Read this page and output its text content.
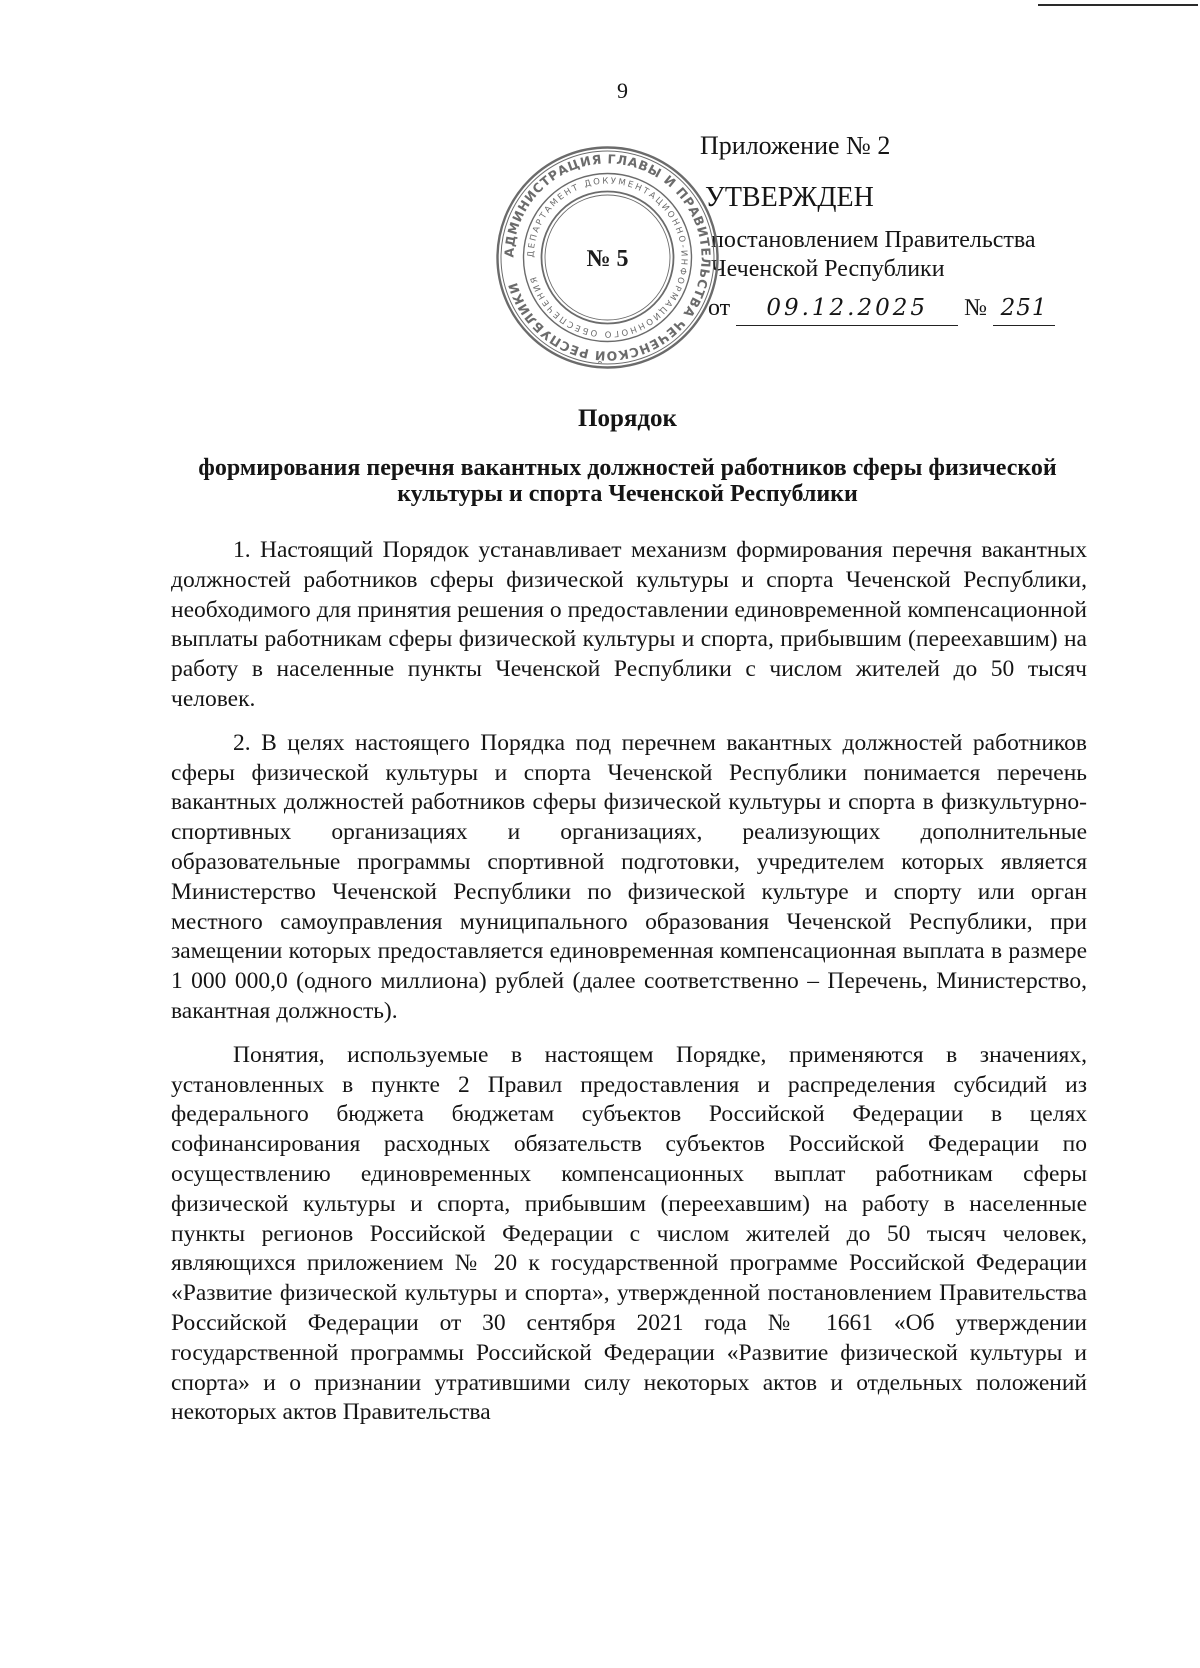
9
Приложение № 2
УТВЕРЖДЕН
постановлением Правительства
Чеченской Республики
от 09.12.2025 № 251
АДМИНИСТРАЦИЯ ГЛАВЫ И ПРАВИТЕЛЬСТВА ЧЕЧЕНСКОЙ РЕСПУБЛИКИ
ДЕПАРТАМЕНТ ДОКУМЕНТАЦИОННО-ИНФОРМАЦИОННОГО ОБЕСПЕЧЕНИЯ
№ 5
Порядок
формирования перечня вакантных должностей работников сферы физической культуры и спорта Чеченской Республики

1. Настоящий Порядок устанавливает механизм формирования перечня вакантных должностей работников сферы физической культуры и спорта Чеченской Республики, необходимого для принятия решения о предоставлении единовременной компенсационной выплаты работникам сферы физической культуры и спорта, прибывшим (переехавшим) на работу в населенные пункты Чеченской Республики с числом жителей до 50 тысяч человек.

2. В целях настоящего Порядка под перечнем вакантных должностей работников сферы физической культуры и спорта Чеченской Республики понимается перечень вакантных должностей работников сферы физической культуры и спорта в физкультурно-спортивных организациях и организациях, реализующих дополнительные образовательные программы спортивной подготовки, учредителем которых является Министерство Чеченской Республики по физической культуре и спорту или орган местного самоуправления муниципального образования Чеченской Республики, при замещении которых предоставляется единовременная компенсационная выплата в размере 1 000 000,0 (одного миллиона) рублей (далее соответственно – Перечень, Министерство, вакантная должность).

Понятия, используемые в настоящем Порядке, применяются в значениях, установленных в пункте 2 Правил предоставления и распределения субсидий из федерального бюджета бюджетам субъектов Российской Федерации в целях софинансирования расходных обязательств субъектов Российской Федерации по осуществлению единовременных компенсационных выплат работникам сферы физической культуры и спорта, прибывшим (переехавшим) на работу в населенные пункты регионов Российской Федерации с числом жителей до 50 тысяч человек, являющихся приложением № 20 к государственной программе Российской Федерации «Развитие физической культуры и спорта», утвержденной постановлением Правительства Российской Федерации от 30 сентября 2021 года № 1661 «Об утверждении государственной программы Российской Федерации «Развитие физической культуры и спорта» и о признании утратившими силу некоторых актов и отдельных положений некоторых актов Правительства
